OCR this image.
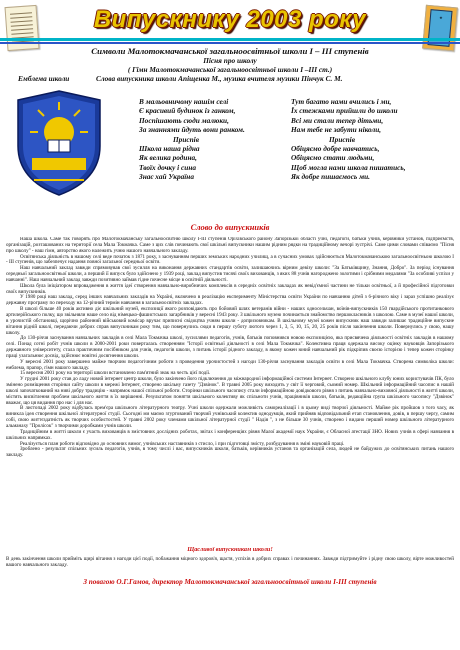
Випускнику 2003 року	★
Символи Малотокмачанської загальноосвітньої школи І – ІІІ ступенів
Пісня про школу
( Гімн Малотокмачанської загальноосвітньої школи І –ІІІ ст.)
Емблема школи	Слова випускника школи Апіщенка М., музика вчителя музики Пінчук С. М.
В мальовничому нашім селі
Є красивий будинок із ганком,
Поспішають сюди малюки,
За знаннями йдуть вони ранком.
Приспів
Школа наша рідна
Як велика родина,
Твоїх дочку і сина
Знає хай Україна
Тут багато нами вчились і ми,
Їх стежками прийшли до школи
Всі ми стали тепер дітьми,
Нам тебе не забути ніколи,
Приспів
Обіцяємо добре навчатись,
Обіцяємо стати людьми,
Щоб могла нами школа пишатись,
Як добре пишаємось ми.
Слово до випускників

Наша школа. Саме так говорять про Малотокмачанську загальноосвітню школу І-ІІІ ступенів Оріхівського району Запорізької області учні, педагоги, батьки учнів, керівники установ, підприємств, організацій, розташованих на території села Мала Токмачка. Саме з цих слів починають свої шкільні випускники нашим рідним рядки на традиційному вечорі зустрічі. Саме цими словами співаємо "Пісня про школу" - наш гімн, авторство якого належить учню нашого навчального закладу.

Освітянська діяльність в нашому селі веде початок з 1871 року, з заснуванням перших земських народних училищ, а в сучасних умовах здійснюється Малотокмачанською загальноосвітньою школою І - ІІІ ступенів, що забезпечує надання повної загальної середньої освіти.

Наш навчальний заклад завжди спрямовував свої зусилля на виконання державних стандартів освіти, залишаючись вірним девізу школи: "За Батьківщину, Знання, Добро". За період існування середньої загальноосвітньої школи, а перший її випуск було здійснено у 1939 році, заклад випустив тисячі своїх вихованців, з яких 88 учнів нагороджено золотими і срібними медалями "За особливі успіхи у навчанні". Наш навчальний заклад завжди позитивно займав гідне почесне місце в освітній діяльності.

Школа була ініціатором впровадження в життя ідеї створення навчально-виробничих комплексів в середніх освітніх закладах як невід'ємної частини не тільки освітньої, а й професійної підготовки своїх випускників.

У 1980 році наш заклад, серед інших навчальних закладів на Україні, включено в реалізацію експерименту Міністерства освіти України по навчанню дітей з 6-річного віку і зараз успішно реалізує державну програму по переходу на 12-річний термін навчання в загальноосвітніх закладах.

В школі більше 40 років активно діє шкільний музей, експозиції якого розповідають про бойовий шлях ветеранів війни - наших односельчан, воїнів-випускників 150 гвардійського протитанкового артилерійського полку, що звільняли наше село від німецько-фашистських загарбників у вересні 1943 року. З шкільного музею починається знайомство першокласників з школою. Саме в музеї нашої школи, в урочистій обстановці, щорічно районний військовий комісар вручає приписні свідоцтва учням школи - допризовникам. В шкільному музеї кожен випускник наш завжди залишає традиційне випускне вітання рідній школі, передаючи добрих справ випускникам року тим, що повернулись сюди в першу суботу лютого через 1, 3, 5, 10, 15, 20, 25 років після закінчення школи. Повернулись у свою, нашу школу.

До 130-річчя заснування навчальних закладів в селі Мала Токмачка школі, зусиллями педагогів, учнів, батьків поповнився новою експозицією, яка присвячена діяльності освітніх закладів в нашому селі. Понад сотні робіт учнів школи в 2000-2001 роки поверталась створенням "Історії освітньої діяльності в селі Мала Токмачка". Колективна праця одержала високу оцінку науковців Запорізького державного університету, стала практичним посібником для учнів, педагогів школи, з питань історії рідного закладу, в якому кожен юний навчальний рік підкріпив своєю історією і тепер кожен сторінку праці узагальнює досвід, здійснює новітні досягнення школи.

У вересні 2001 року завершено майже творчим педагогічним роботи з проведення урочистостей з нагоди 130-річчя заснування закладів освіти в селі Мала Токмачка. Створена символіка школи: емблема, прапор, гімн нашого закладу.

15 вересня 2001 року на території школи встановлено пам'ятний знак на честь цієї події.

У грудні 2001 року став до ладу новий інтернет центр школи, було закінчено його підключення до міжнародної інформаційної системи Інтернет. Створено шкільного клубу юних користувачів ПК, було змінено розміщення сторінки сайту школи в мережі Інтернет, створено шкільну газету "Дзвінок". В травні 2005 року виходить у світ її черговий, сьомий номер. Шкільний інформаційний часопис в нашій школі започаткований на ниві добру традицію - напрямок нашої спільної роботи. Сторінки шкільного часопису стали інформаційною довідкового рівня з питань навчально-виховної діяльності в житті школи, містять висвітлення проблем шкільного життя в їх вирішенні. Результатом поняття шкільного колективу як спільноти учнів, працівників школи, батьків, редакційна група шкільного часопису "Дзвінок" вважає, що ця видання про нас і для нас.

В листопаді 2002 року відбулась прем'єра шкільного літературного театру. Учні школи одержали можливість самореалізації і в цьому виді творчої діяльності. Майже рік пройшов з того часу, як виникла ідея створення шкільної літературної студії. Сьогодні ми маємо згуртований творчий учнівський колектив однодумців, який прийняв відповідальний етап становлення, довів, в першу чергу, самим собі, свою життєздатність як творчих особистостей. У травні 2002 року членами шкільної літературної студії " Надія ", з не більше 30 учнів, створено і видано перший номер шкільного літературного альманаху "Пролісок" з творчими доробками учнів школи.

Традиційним в житті школи є участь вихованців в змістовних дослідних роботах, звітах і конференціях рівня Малої академії наук України, є Обласної атестації ЗНО. Нових учнів в сфері навчання в шкільних напрямках.

Реалізується план роботи відповідно до основних вимог, учнівських наставників з стисло, і при підготовці змісту, розбудування в зміні науковій праці.

Зроблено - результат спільних зусиль педагогів, учнів, в тому числі і вас, випускників школи, батьків, керівників установ та організацій села, людей не байдужих до освітянських питань нашого закладу.

Щасливої випускникам школи!
В день закінчення школи прийміть щирі вітання з нагоди цієї події, побажання міцного здоров'я, щастя, успіхів в добрих справах і починаннях. Завжди підтримуйте і рідну свою школу, вірте можливостей вашого навчального закладу.
З повагою О.Г.Гамов, директор Малотокмачанської загальноосвітньої школи І-ІІІ ступенів
